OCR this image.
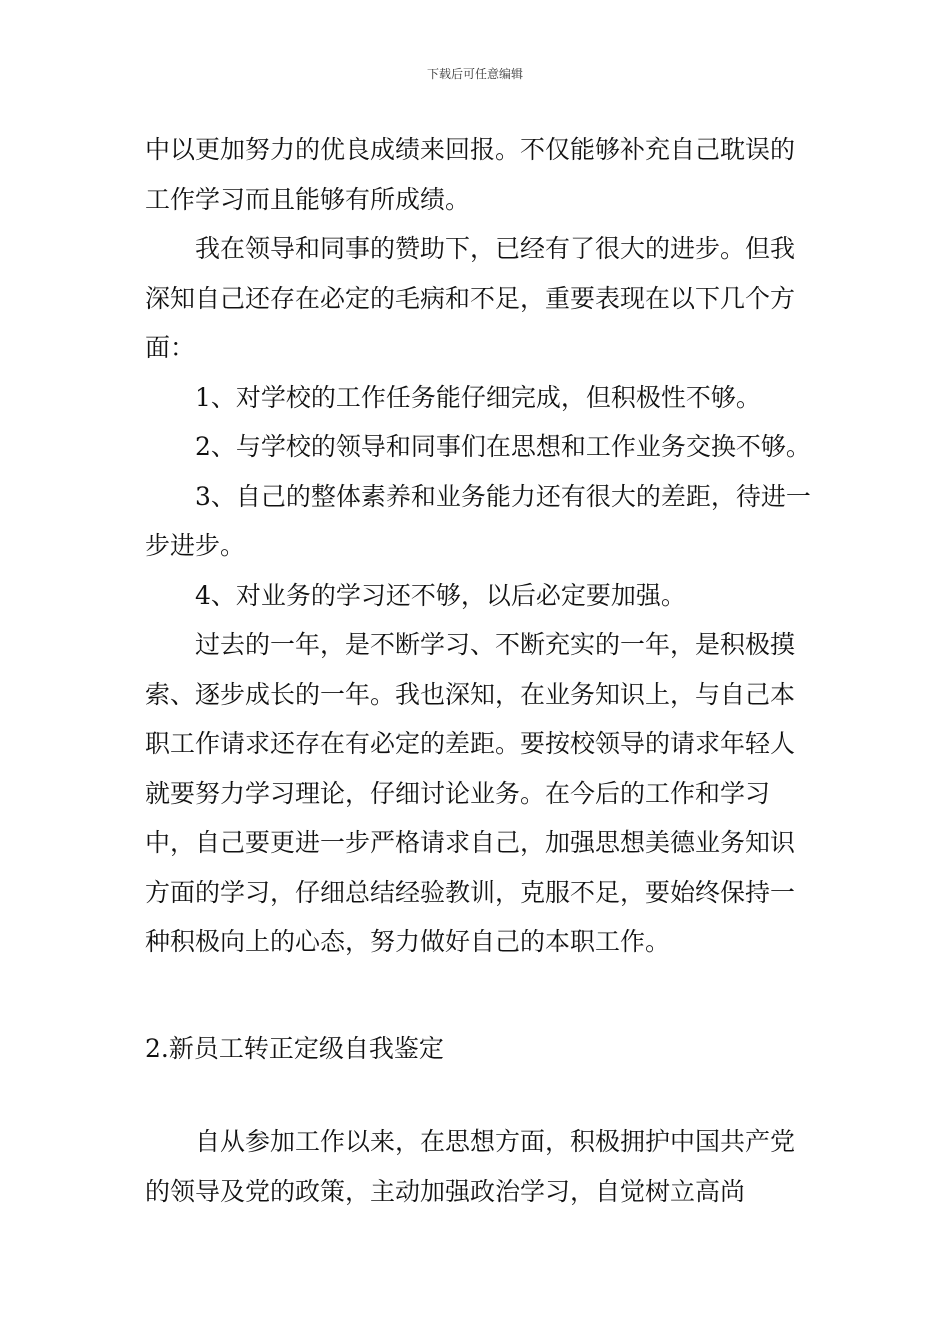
下载后可任意编辑

中以更加努力的优良成绩来回报。不仅能够补充自己耽误的工作学习而且能够有所成绩。

我在领导和同事的赞助下，已经有了很大的进步。但我深知自己还存在必定的毛病和不足，重要表现在以下几个方面：

1、对学校的工作任务能仔细完成，但积极性不够。

2、与学校的领导和同事们在思想和工作业务交换不够。

3、自己的整体素养和业务能力还有很大的差距，待进一步进步。

4、对业务的学习还不够，以后必定要加强。

过去的一年，是不断学习、不断充实的一年，是积极摸索、逐步成长的一年。我也深知，在业务知识上，与自己本职工作请求还存在有必定的差距。要按校领导的请求年轻人就要努力学习理论，仔细讨论业务。在今后的工作和学习中，自己要更进一步严格请求自己，加强思想美德业务知识方面的学习，仔细总结经验教训，克服不足，要始终保持一种积极向上的心态，努力做好自己的本职工作。

2.新员工转正定级自我鉴定

自从参加工作以来，在思想方面，积极拥护中国共产党的领导及党的政策，主动加强政治学习，自觉树立高尚
